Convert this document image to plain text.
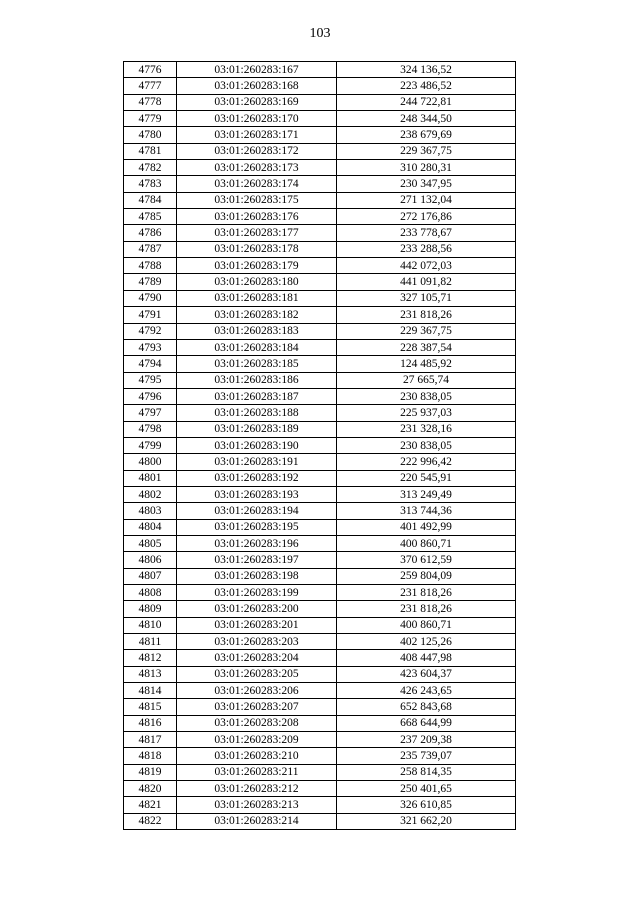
103
4776	03:01:260283:167	324 136,52
4777	03:01:260283:168	223 486,52
4778	03:01:260283:169	244 722,81
4779	03:01:260283:170	248 344,50
4780	03:01:260283:171	238 679,69
4781	03:01:260283:172	229 367,75
4782	03:01:260283:173	310 280,31
4783	03:01:260283:174	230 347,95
4784	03:01:260283:175	271 132,04
4785	03:01:260283:176	272 176,86
4786	03:01:260283:177	233 778,67
4787	03:01:260283:178	233 288,56
4788	03:01:260283:179	442 072,03
4789	03:01:260283:180	441 091,82
4790	03:01:260283:181	327 105,71
4791	03:01:260283:182	231 818,26
4792	03:01:260283:183	229 367,75
4793	03:01:260283:184	228 387,54
4794	03:01:260283:185	124 485,92
4795	03:01:260283:186	27 665,74
4796	03:01:260283:187	230 838,05
4797	03:01:260283:188	225 937,03
4798	03:01:260283:189	231 328,16
4799	03:01:260283:190	230 838,05
4800	03:01:260283:191	222 996,42
4801	03:01:260283:192	220 545,91
4802	03:01:260283:193	313 249,49
4803	03:01:260283:194	313 744,36
4804	03:01:260283:195	401 492,99
4805	03:01:260283:196	400 860,71
4806	03:01:260283:197	370 612,59
4807	03:01:260283:198	259 804,09
4808	03:01:260283:199	231 818,26
4809	03:01:260283:200	231 818,26
4810	03:01:260283:201	400 860,71
4811	03:01:260283:203	402 125,26
4812	03:01:260283:204	408 447,98
4813	03:01:260283:205	423 604,37
4814	03:01:260283:206	426 243,65
4815	03:01:260283:207	652 843,68
4816	03:01:260283:208	668 644,99
4817	03:01:260283:209	237 209,38
4818	03:01:260283:210	235 739,07
4819	03:01:260283:211	258 814,35
4820	03:01:260283:212	250 401,65
4821	03:01:260283:213	326 610,85
4822	03:01:260283:214	321 662,20
